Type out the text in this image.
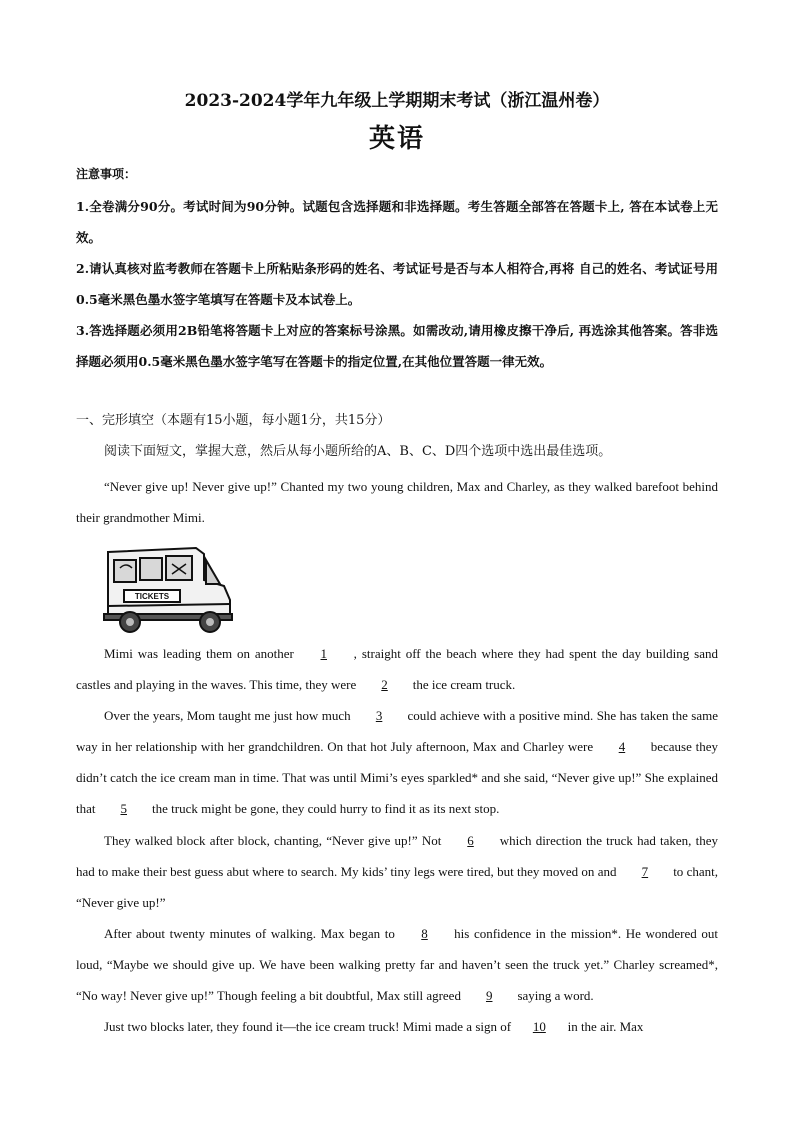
2023-2024学年九年级上学期期末考试（浙江温州卷）
英语
注意事项：
1.全卷满分90分。考试时间为90分钟。试题包含选择题和非选择题。考生答题全部答在答题卡上, 答在本试卷上无效。
2.请认真核对监考教师在答题卡上所粘贴条形码的姓名、考试证号是否与本人相符合,再将 自己的姓名、考试证号用0.5毫米黑色墨水签字笔填写在答题卡及本试卷上。
3.答选择题必须用2B铅笔将答题卡上对应的答案标号涂黑。如需改动,请用橡皮擦干净后, 再选涂其他答案。答非选择题必须用0.5毫米黑色墨水签字笔写在答题卡的指定位置,在其他位置答题一律无效。
一、完形填空（本题有15小题，每小题1分，共15分）
阅读下面短文，掌握大意，然后从每小题所给的A、B、C、D四个选项中选出最佳选项。
“Never give up! Never give up!” Chanted my two young children, Max and Charley, as they walked barefoot behind their grandmother Mimi.
TICKETS
Mimi was leading them on another 1 , straight off the beach where they had spent the day building sand castles and playing in the waves. This time, they were 2 the ice cream truck.
Over the years, Mom taught me just how much 3 could achieve with a positive mind. She has taken the same way in her relationship with her grandchildren. On that hot July afternoon, Max and Charley were 4 because they didn’t catch the ice cream man in time. That was until Mimi’s eyes sparkled* and she said, “Never give up!” She explained that 5 the truck might be gone, they could hurry to find it as its next stop.
They walked block after block, chanting, “Never give up!” Not 6 which direction the truck had taken, they had to make their best guess abut where to search. My kids’ tiny legs were tired, but they moved on and 7 to chant, “Never give up!”
After about twenty minutes of walking. Max began to 8 his confidence in the mission*. He wondered out loud, “Maybe we should give up. We have been walking pretty far and haven’t seen the truck yet.” Charley screamed*, “No way! Never give up!” Though feeling a bit doubtful, Max still agreed 9 saying a word.
Just two blocks later, they found it—the ice cream truck! Mimi made a sign of 10 in the air. Max
